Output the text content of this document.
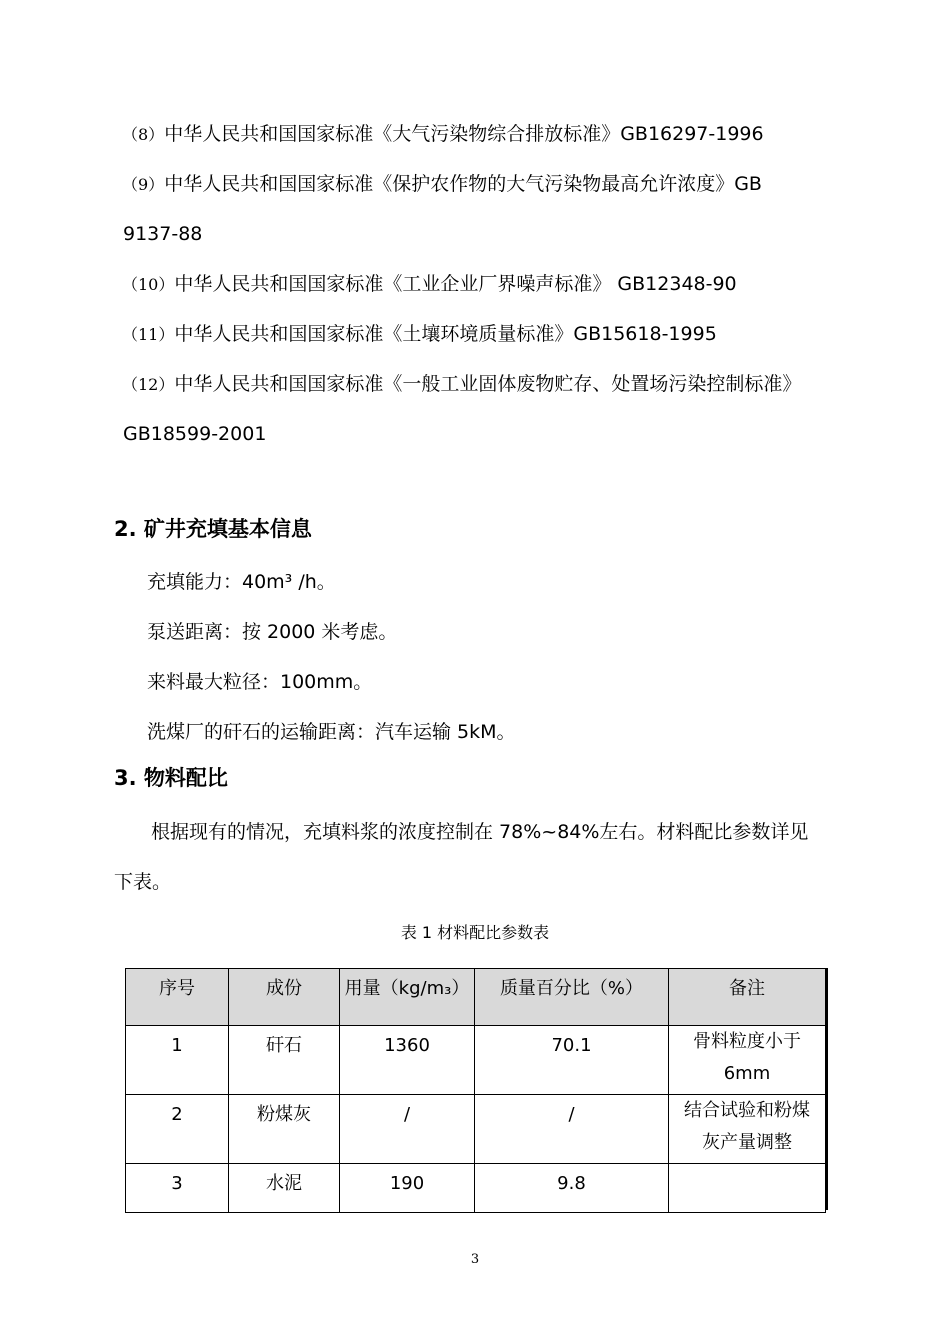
（8）中华人民共和国国家标准《大气污染物综合排放标准》GB16297-1996
（9）中华人民共和国国家标准《保护农作物的大气污染物最高允许浓度》GB
9137-88
（10）中华人民共和国国家标准《工业企业厂界噪声标准》 GB12348-90
（11）中华人民共和国国家标准《土壤环境质量标准》GB15618-1995
（12）中华人民共和国国家标准《一般工业固体废物贮存、处置场污染控制标准》
GB18599-2001
2. 矿井充填基本信息
充填能力：40m³ /h。
泵送距离：按 2000 米考虑。
来料最大粒径：100mm。
洗煤厂的矸石的运输距离：汽车运输 5kM。
3. 物料配比
根据现有的情况，充填料浆的浓度控制在 78%~84%左右。材料配比参数详见
下表。
表 1 材料配比参数表
序号	成份	用量（kg/m₃）	质量百分比（%）	备注
1	矸石	1360	70.1	骨料粒度小于
6mm

2	粉煤灰	/	/	结合试验和粉煤
灰产量调整

3	水泥	190	9.8	
3
